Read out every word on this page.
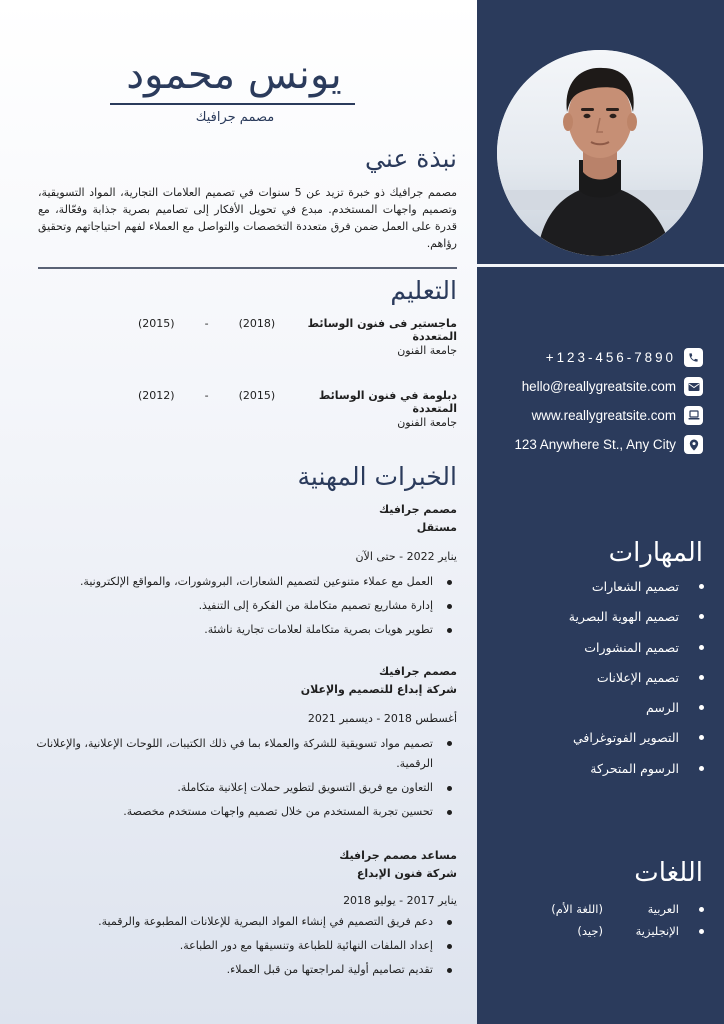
+123-456-7890
hello@reallygreatsite.com
www.reallygreatsite.com
123 Anywhere St., Any City
المهارات
تصميم الشعارات
تصميم الهوية البصرية
تصميم المنشورات
تصميم الإعلانات
الرسم
التصوير الفوتوغرافي
الرسوم المتحركة
اللغات
العربية
(اللغة الأم)
الإنجليزية
(جيد)
يونس محمود
مصمم جرافيك
نبذة عني

مصمم جرافيك ذو خبرة تزيد عن 5 سنوات في تصميم العلامات التجارية، المواد التسويقية، وتصميم واجهات المستخدم. مبدع في تحويل الأفكار إلى تصاميم بصرية جذابة وفعّالة، مع قدرة على العمل ضمن فرق متعددة التخصصات والتواصل مع العملاء لفهم احتياجاتهم وتحقيق رؤاهم.

التعليم
ماجستير فى فنون الوسائط المتعددة
(2018)
-
(2015)
جامعة الفنون
دبلومة في فنون الوسائط المتعددة
(2015)
-
(2012)
جامعة الفنون
الخبرات المهنية
مصمم جرافيك
مستقل
يناير 2022 - حتى الآن
العمل مع عملاء متنوعين لتصميم الشعارات، البروشورات، والمواقع الإلكترونية.
إدارة مشاريع تصميم متكاملة من الفكرة إلى التنفيذ.
تطوير هويات بصرية متكاملة لعلامات تجارية ناشئة.
مصمم جرافيك
شركة إبداع للتصميم والإعلان
أغسطس 2018 - ديسمبر 2021
تصميم مواد تسويقية للشركة والعملاء بما في ذلك الكتيبات، اللوحات الإعلانية، والإعلانات الرقمية.
التعاون مع فريق التسويق لتطوير حملات إعلانية متكاملة.
تحسين تجربة المستخدم من خلال تصميم واجهات مستخدم مخصصة.
مساعد مصمم جرافيك
شركة فنون الإبداع
يناير 2017 - يوليو 2018
دعم فريق التصميم في إنشاء المواد البصرية للإعلانات المطبوعة والرقمية.
إعداد الملفات النهائية للطباعة وتنسيقها مع دور الطباعة.
تقديم تصاميم أولية لمراجعتها من قبل العملاء.
